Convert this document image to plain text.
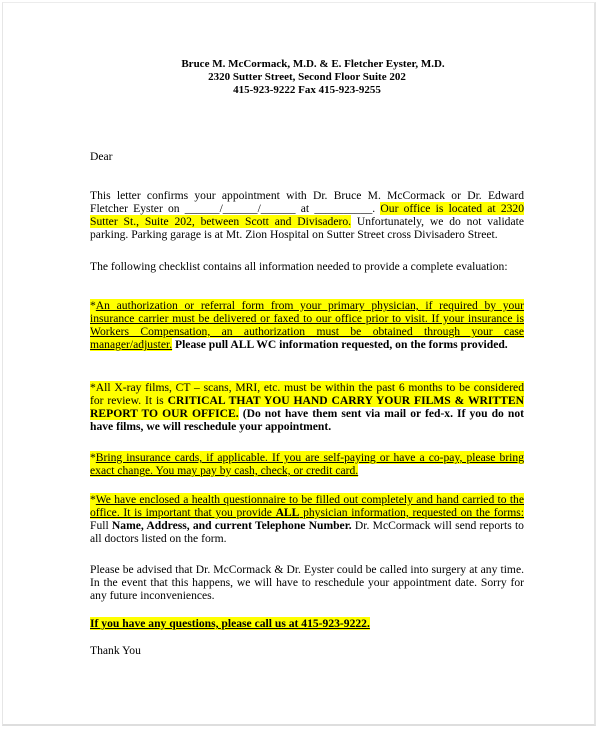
Bruce M. McCormack, M.D. & E. Fletcher Eyster, M.D.
2320 Sutter Street, Second Floor Suite 202
415-923-9222 Fax 415-923-9255

Dear

This letter confirms your appointment with Dr. Bruce M. McCormack or Dr. Edward Fletcher Eyster on ______/______/______ at __________. Our office is located at 2320 Sutter St., Suite 202, between Scott and Divisadero. Unfortunately, we do not validate parking. Parking garage is at Mt. Zion Hospital on Sutter Street cross Divisadero Street.

The following checklist contains all information needed to provide a complete evaluation:

*An authorization or referral form from your primary physician, if required by your insurance carrier must be delivered or faxed to our office prior to visit. If your insurance is Workers Compensation, an authorization must be obtained through your case manager/adjuster. Please pull ALL WC information requested, on the forms provided.

*All X-ray films, CT – scans, MRI, etc. must be within the past 6 months to be considered for review. It is CRITICAL THAT YOU HAND CARRY YOUR FILMS & WRITTEN REPORT TO OUR OFFICE. (Do not have them sent via mail or fed-x. If you do not have films, we will reschedule your appointment.

*Bring insurance cards, if applicable. If you are self-paying or have a co-pay, please bring exact change. You may pay by cash, check, or credit card.

*We have enclosed a health questionnaire to be filled out completely and hand carried to the office. It is important that you provide ALL physician information, requested on the forms: Full Name, Address, and current Telephone Number. Dr. McCormack will send reports to all doctors listed on the form.

Please be advised that Dr. McCormack & Dr. Eyster could be called into surgery at any time. In the event that this happens, we will have to reschedule your appointment date. Sorry for any future inconveniences.

If you have any questions, please call us at 415-923-9222.

Thank You
